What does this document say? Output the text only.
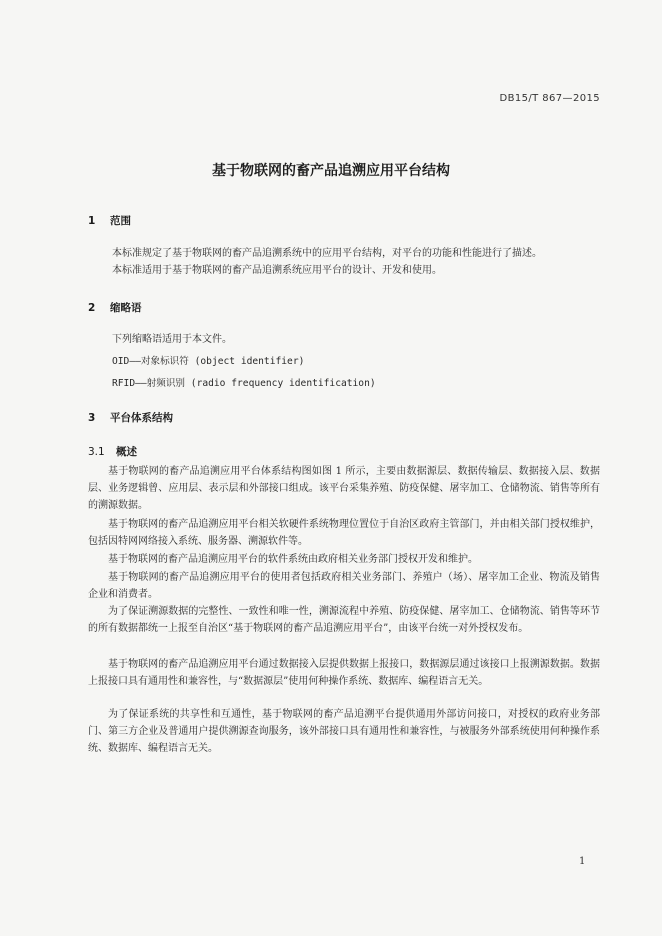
DB15/T 867—2015
基于物联网的畜产品追溯应用平台结构
1 范围
本标准规定了基于物联网的畜产品追溯系统中的应用平台结构，对平台的功能和性能进行了描述。
本标准适用于基于物联网的畜产品追溯系统应用平台的设计、开发和使用。
2 缩略语
下列缩略语适用于本文件。
OID——对象标识符 (object identifier)
RFID——射频识别 (radio frequency identification)
3 平台体系结构
3.1 概述

基于物联网的畜产品追溯应用平台体系结构图如图 1 所示，主要由数据源层、数据传输层、数据接入层、数据层、业务逻辑曾、应用层、表示层和外部接口组成。该平台采集养殖、防疫保健、屠宰加工、仓储物流、销售等所有的溯源数据。

基于物联网的畜产品追溯应用平台相关软硬件系统物理位置位于自治区政府主管部门，并由相关部门授权维护，包括因特网网络接入系统、服务器、溯源软件等。

基于物联网的畜产品追溯应用平台的软件系统由政府相关业务部门授权开发和维护。

基于物联网的畜产品追溯应用平台的使用者包括政府相关业务部门、养殖户（场）、屠宰加工企业、物流及销售企业和消费者。

为了保证溯源数据的完整性、一致性和唯一性，溯源流程中养殖、防疫保健、屠宰加工、仓储物流、销售等环节的所有数据都统一上报至自治区“基于物联网的畜产品追溯应用平台”，由该平台统一对外授权发布。

基于物联网的畜产品追溯应用平台通过数据接入层提供数据上报接口，数据源层通过该接口上报溯源数据。数据上报接口具有通用性和兼容性，与“数据源层”使用何种操作系统、数据库、编程语言无关。

为了保证系统的共享性和互通性，基于物联网的畜产品追溯平台提供通用外部访问接口，对授权的政府业务部门、第三方企业及普通用户提供溯源查询服务，该外部接口具有通用性和兼容性，与被服务外部系统使用何种操作系统、数据库、编程语言无关。

1
